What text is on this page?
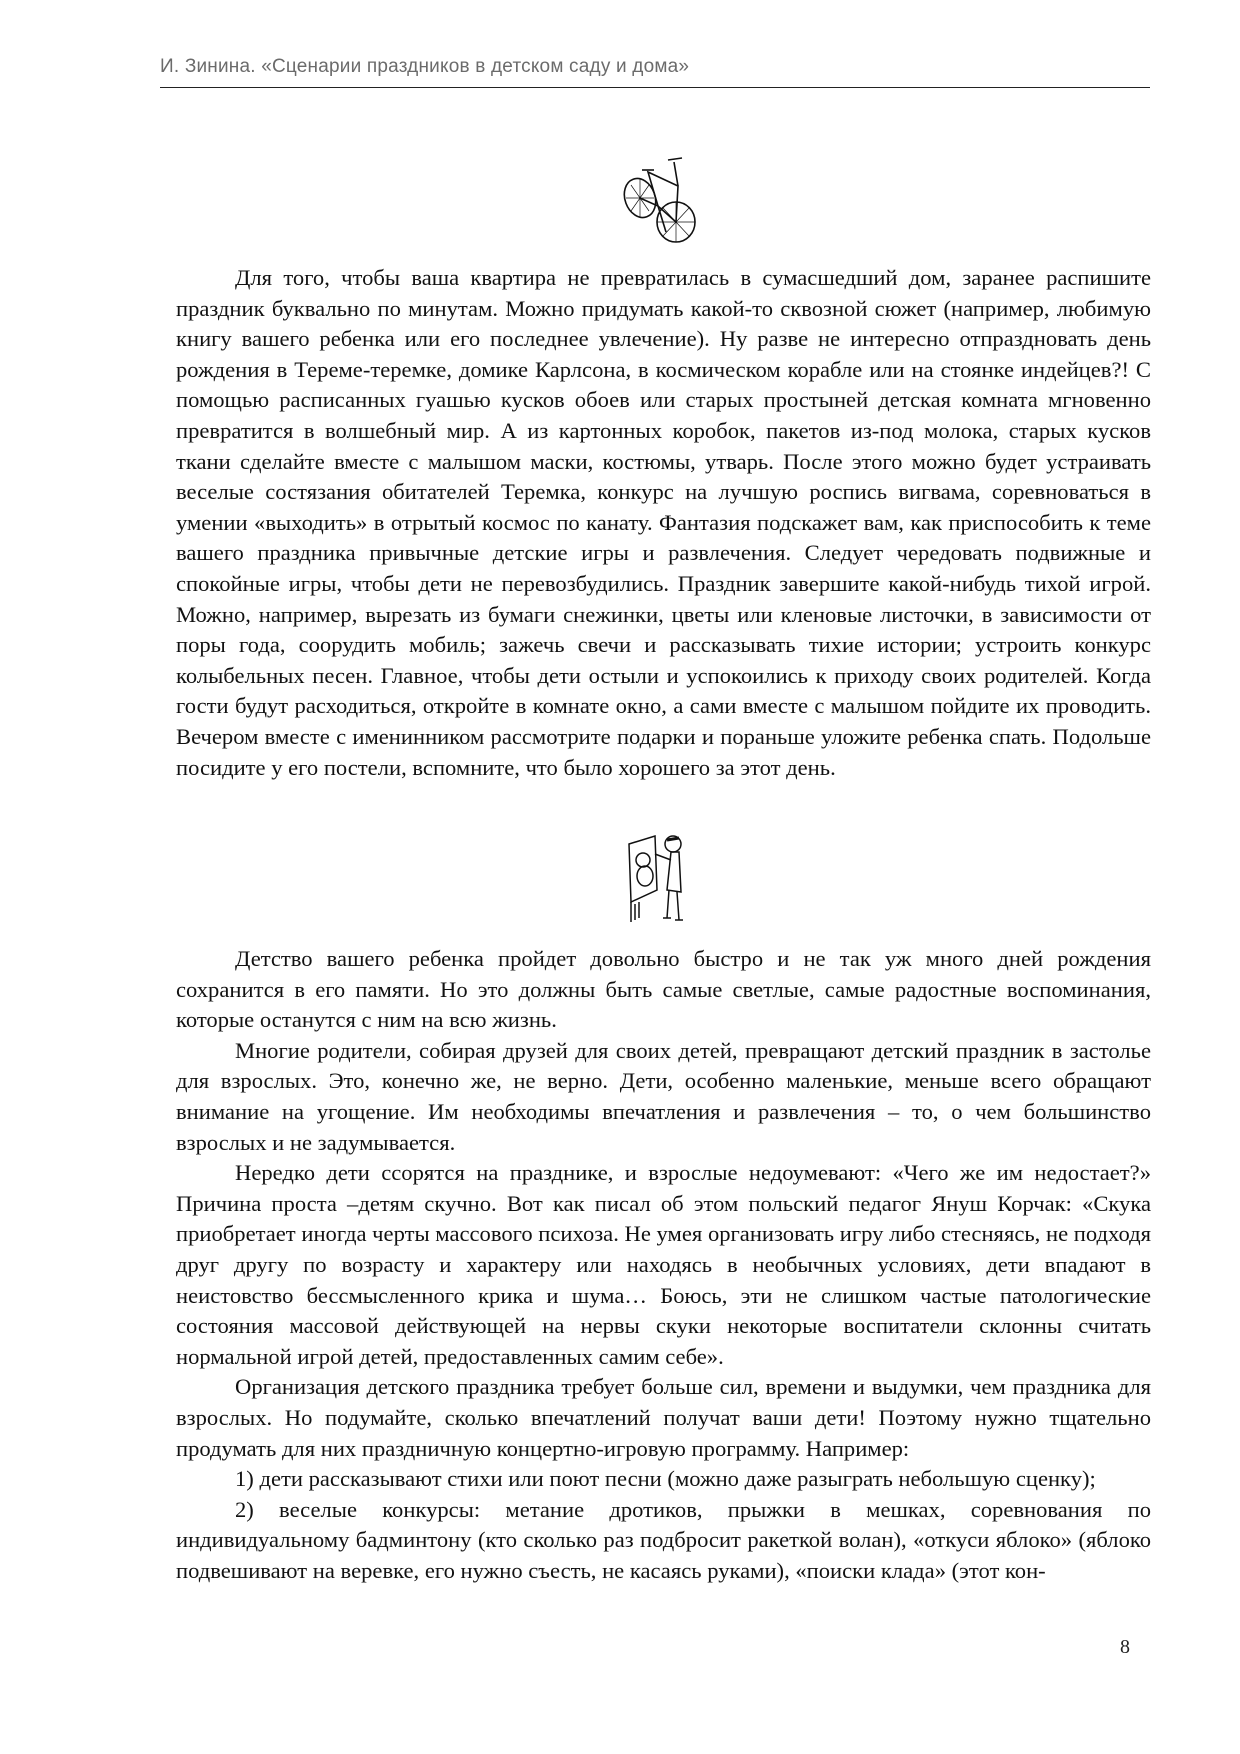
И. Зинина. «Сценарии праздников в детском саду и дома»

Для того, чтобы ваша квартира не превратилась в сумасшедший дом, заранее распишите праздник буквально по минутам. Можно придумать какой-то сквозной сюжет (например, любимую книгу вашего ребенка или его последнее увлечение). Ну разве не интересно отпраздновать день рождения в Тереме-теремке, домике Карлсона, в космическом корабле или на стоянке индейцев?! С помощью расписанных гуашью кусков обоев или старых простыней детская комната мгновенно превратится в волшебный мир. А из картонных коробок, пакетов из-под молока, старых кусков ткани сделайте вместе с малышом маски, костюмы, утварь. После этого можно будет устраивать веселые состязания обитателей Теремка, конкурс на лучшую роспись вигвама, соревноваться в умении «выходить» в отрытый космос по канату. Фантазия подскажет вам, как приспособить к теме вашего праздника привычные детские игры и развлечения. Следует чередовать подвижные и спокойные игры, чтобы дети не перевозбудились. Праздник завершите какой-нибудь тихой игрой. Можно, например, вырезать из бумаги снежинки, цветы или кленовые листочки, в зависимости от поры года, соорудить мобиль; зажечь свечи и рассказывать тихие истории; устроить конкурс колыбельных песен. Главное, чтобы дети остыли и успокоились к приходу своих родителей. Когда гости будут расходиться, откройте в комнате окно, а сами вместе с малышом пойдите их проводить. Вечером вместе с именинником рассмотрите подарки и пораньше уложите ребенка спать. Подольше посидите у его постели, вспомните, что было хорошего за этот день.

Детство вашего ребенка пройдет довольно быстро и не так уж много дней рождения сохранится в его памяти. Но это должны быть самые светлые, самые радостные воспоминания, которые останутся с ним на всю жизнь.

Многие родители, собирая друзей для своих детей, превращают детский праздник в застолье для взрослых. Это, конечно же, не верно. Дети, особенно маленькие, меньше всего обращают внимание на угощение. Им необходимы впечатления и развлечения – то, о чем большинство взрослых и не задумывается.

Нередко дети ссорятся на празднике, и взрослые недоумевают: «Чего же им недостает?» Причина проста –детям скучно. Вот как писал об этом польский педагог Януш Корчак: «Скука приобретает иногда черты массового психоза. Не умея организовать игру либо стесняясь, не подходя друг другу по возрасту и характеру или находясь в необычных условиях, дети впадают в неистовство бессмысленного крика и шума… Боюсь, эти не слишком частые патологические состояния массовой действующей на нервы скуки некоторые воспитатели склонны считать нормальной игрой детей, предоставленных самим себе».

Организация детского праздника требует больше сил, времени и выдумки, чем праздника для взрослых. Но подумайте, сколько впечатлений получат ваши дети! Поэтому нужно тщательно продумать для них праздничную концертно-игровую программу. Например:

1) дети рассказывают стихи или поют песни (можно даже разыграть небольшую сценку);

2) веселые конкурсы: метание дротиков, прыжки в мешках, соревнования по индивидуальному бадминтону (кто сколько раз подбросит ракеткой волан), «откуси яблоко» (яблоко подвешивают на веревке, его нужно съесть, не касаясь руками), «поиски клада» (этот кон-

8
